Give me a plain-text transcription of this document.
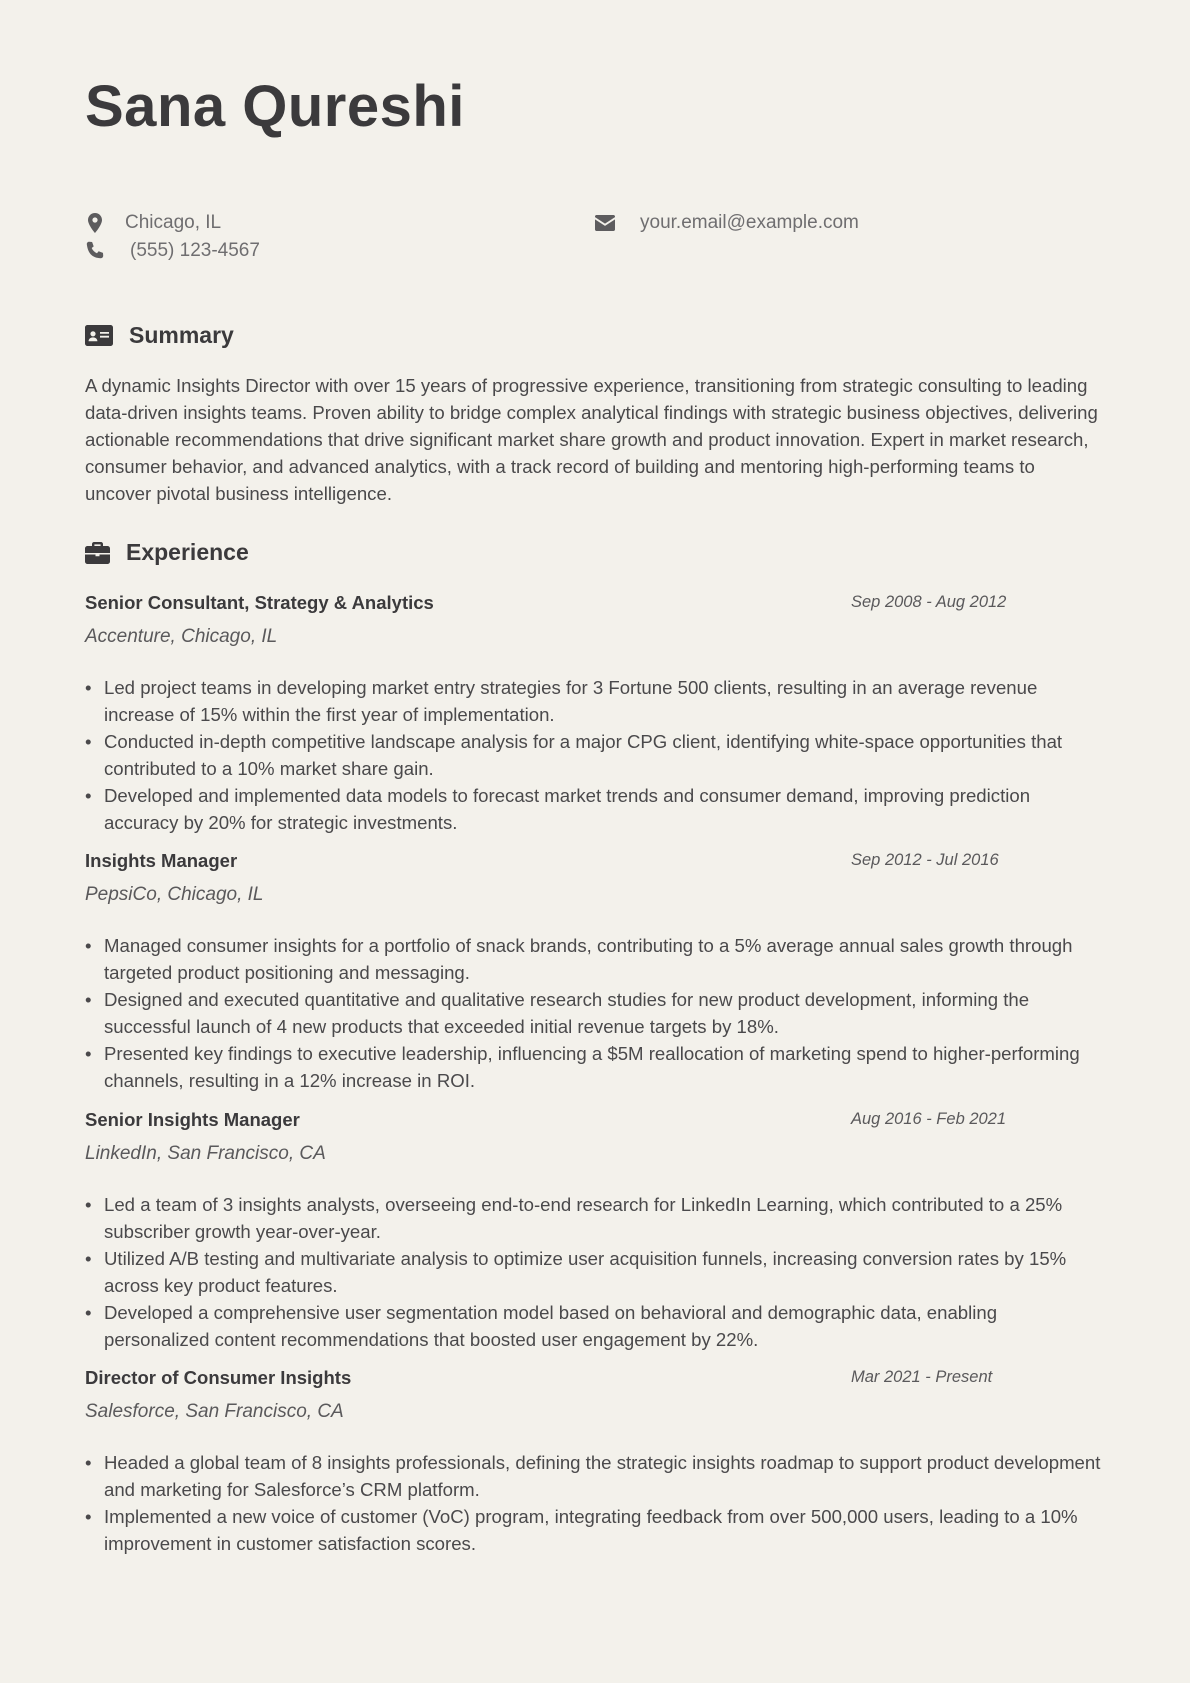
Sana Qureshi
Chicago, IL
(555) 123-4567
your.email@example.com
Summary

A dynamic Insights Director with over 15 years of progressive experience, transitioning from strategic consulting to leading data-driven insights teams. Proven ability to bridge complex analytical findings with strategic business objectives, delivering actionable recommendations that drive significant market share growth and product innovation. Expert in market research, consumer behavior, and advanced analytics, with a track record of building and mentoring high-performing teams to uncover pivotal business intelligence.

Experience
Senior Consultant, Strategy & Analytics	Sep 2008 - Aug 2012
Accenture, Chicago, IL
• Led project teams in developing market entry strategies for 3 Fortune 500 clients, resulting in an average revenue increase of 15% within the first year of implementation.
• Conducted in-depth competitive landscape analysis for a major CPG client, identifying white-space opportunities that contributed to a 10% market share gain.
• Developed and implemented data models to forecast market trends and consumer demand, improving prediction accuracy by 20% for strategic investments.
Insights Manager	Sep 2012 - Jul 2016
PepsiCo, Chicago, IL
• Managed consumer insights for a portfolio of snack brands, contributing to a 5% average annual sales growth through targeted product positioning and messaging.
• Designed and executed quantitative and qualitative research studies for new product development, informing the successful launch of 4 new products that exceeded initial revenue targets by 18%.
• Presented key findings to executive leadership, influencing a $5M reallocation of marketing spend to higher-performing channels, resulting in a 12% increase in ROI.
Senior Insights Manager	Aug 2016 - Feb 2021
LinkedIn, San Francisco, CA
• Led a team of 3 insights analysts, overseeing end-to-end research for LinkedIn Learning, which contributed to a 25% subscriber growth year-over-year.
• Utilized A/B testing and multivariate analysis to optimize user acquisition funnels, increasing conversion rates by 15% across key product features.
• Developed a comprehensive user segmentation model based on behavioral and demographic data, enabling personalized content recommendations that boosted user engagement by 22%.
Director of Consumer Insights	Mar 2021 - Present
Salesforce, San Francisco, CA
• Headed a global team of 8 insights professionals, defining the strategic insights roadmap to support product development and marketing for Salesforce’s CRM platform.
• Implemented a new voice of customer (VoC) program, integrating feedback from over 500,000 users, leading to a 10% improvement in customer satisfaction scores.
